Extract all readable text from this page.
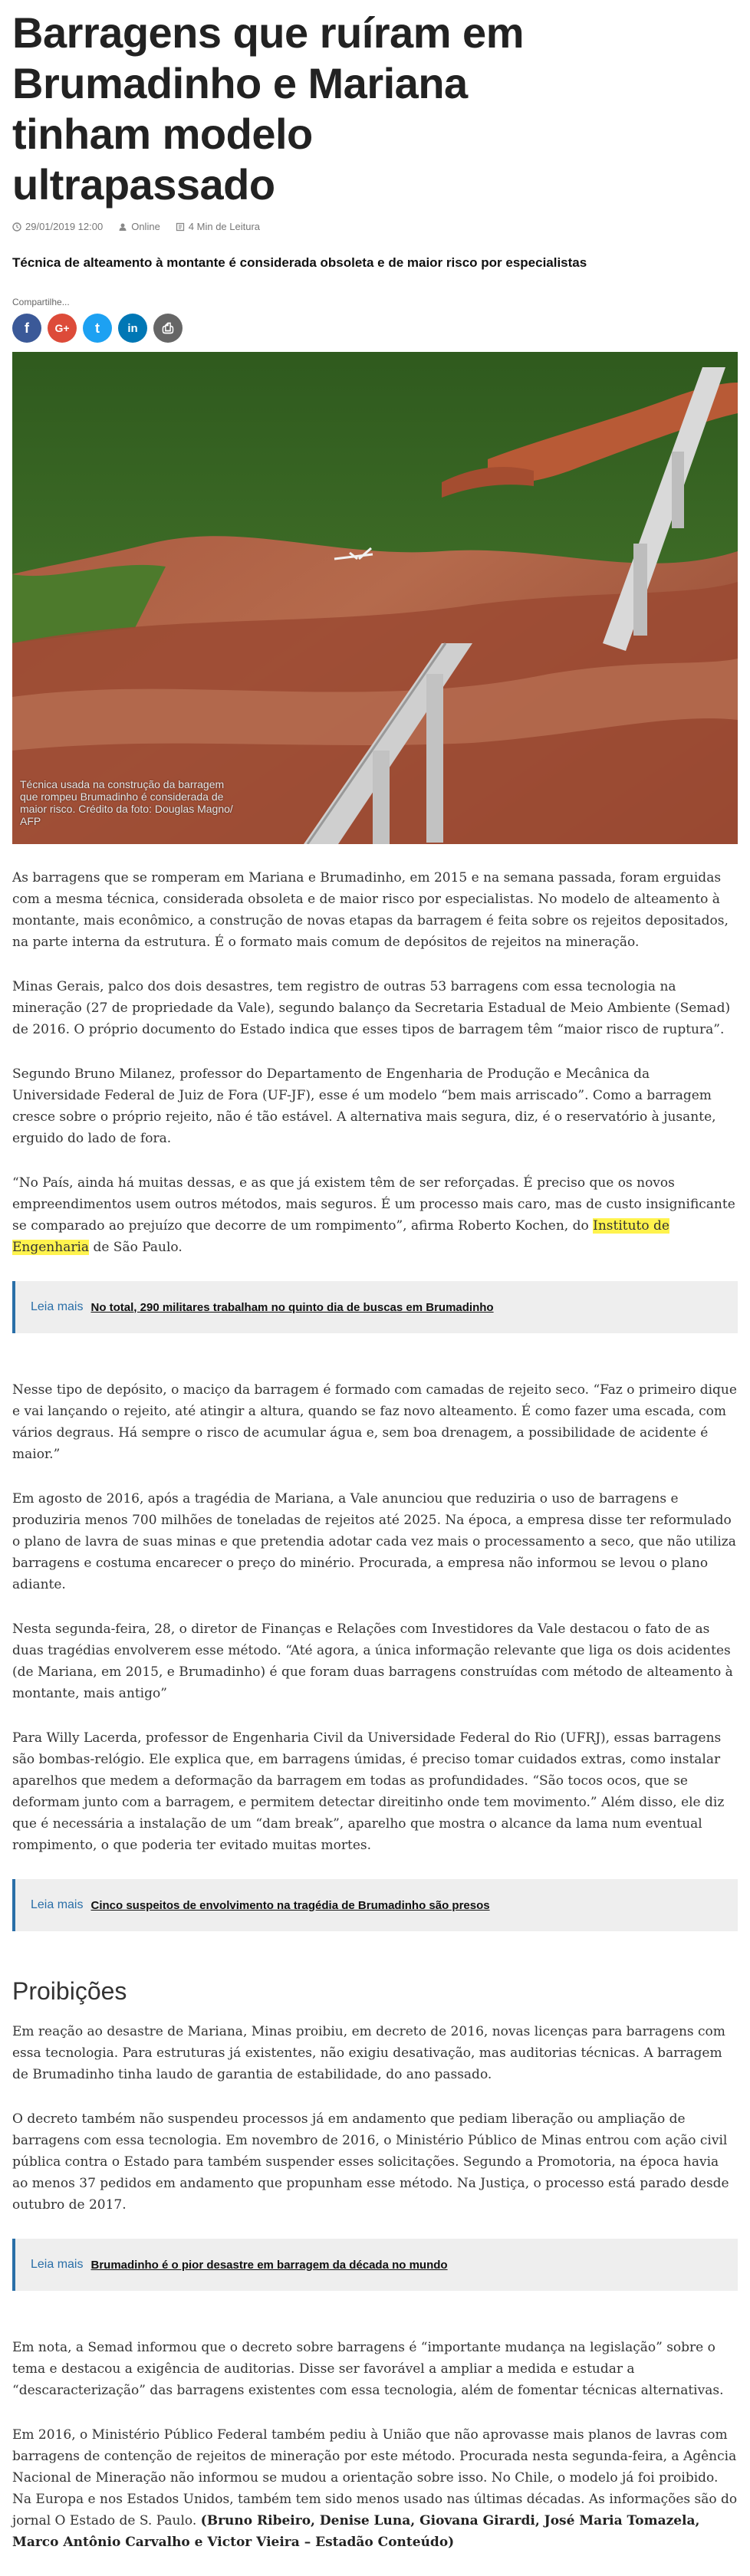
Barragens que ruíram em Brumadinho e Mariana tinham modelo ultrapassado
29/01/2019 12:00	Online	4 Min de Leitura
Técnica de alteamento à montante é considerada obsoleta e de maior risco por especialistas
Compartilhe...
f G+ t in ⎙
Técnica usada na construção da barragem que rompeu Brumadinho é considerada de maior risco. Crédito da foto: Douglas Magno/ AFP

As barragens que se romperam em Mariana e Brumadinho, em 2015 e na semana passada, foram erguidas com a mesma técnica, considerada obsoleta e de maior risco por especialistas. No modelo de alteamento à montante, mais econômico, a construção de novas etapas da barragem é feita sobre os rejeitos depositados, na parte interna da estrutura. É o formato mais comum de depósitos de rejeitos na mineração.

Minas Gerais, palco dos dois desastres, tem registro de outras 53 barragens com essa tecnologia na mineração (27 de propriedade da Vale), segundo balanço da Secretaria Estadual de Meio Ambiente (Semad) de 2016. O próprio documento do Estado indica que esses tipos de barragem têm “maior risco de ruptura”.

Segundo Bruno Milanez, professor do Departamento de Engenharia de Produção e Mecânica da Universidade Federal de Juiz de Fora (UF-JF), esse é um modelo “bem mais arriscado”. Como a barragem cresce sobre o próprio rejeito, não é tão estável. A alternativa mais segura, diz, é o reservatório à jusante, erguido do lado de fora.

“No País, ainda há muitas dessas, e as que já existem têm de ser reforçadas. É preciso que os novos empreendimentos usem outros métodos, mais seguros. É um processo mais caro, mas de custo insignificante se comparado ao prejuízo que decorre de um rompimento”, afirma Roberto Kochen, do Instituto de Engenharia de São Paulo.

Leia mais No total, 290 militares trabalham no quinto dia de buscas em Brumadinho

Nesse tipo de depósito, o maciço da barragem é formado com camadas de rejeito seco. “Faz o primeiro dique e vai lançando o rejeito, até atingir a altura, quando se faz novo alteamento. É como fazer uma escada, com vários degraus. Há sempre o risco de acumular água e, sem boa drenagem, a possibilidade de acidente é maior.”

Em agosto de 2016, após a tragédia de Mariana, a Vale anunciou que reduziria o uso de barragens e produziria menos 700 milhões de toneladas de rejeitos até 2025. Na época, a empresa disse ter reformulado o plano de lavra de suas minas e que pretendia adotar cada vez mais o processamento a seco, que não utiliza barragens e costuma encarecer o preço do minério. Procurada, a empresa não informou se levou o plano adiante.

Nesta segunda-feira, 28, o diretor de Finanças e Relações com Investidores da Vale destacou o fato de as duas tragédias envolverem esse método. “Até agora, a única informação relevante que liga os dois acidentes (de Mariana, em 2015, e Brumadinho) é que foram duas barragens construídas com método de alteamento à montante, mais antigo”

Para Willy Lacerda, professor de Engenharia Civil da Universidade Federal do Rio (UFRJ), essas barragens são bombas-relógio. Ele explica que, em barragens úmidas, é preciso tomar cuidados extras, como instalar aparelhos que medem a deformação da barragem em todas as profundidades. “São tocos ocos, que se deformam junto com a barragem, e permitem detectar direitinho onde tem movimento.” Além disso, ele diz que é necessária a instalação de um “dam break”, aparelho que mostra o alcance da lama num eventual rompimento, o que poderia ter evitado muitas mortes.

Leia mais Cinco suspeitos de envolvimento na tragédia de Brumadinho são presos
Proibições

Em reação ao desastre de Mariana, Minas proibiu, em decreto de 2016, novas licenças para barragens com essa tecnologia. Para estruturas já existentes, não exigiu desativação, mas auditorias técnicas. A barragem de Brumadinho tinha laudo de garantia de estabilidade, do ano passado.

O decreto também não suspendeu processos já em andamento que pediam liberação ou ampliação de barragens com essa tecnologia. Em novembro de 2016, o Ministério Público de Minas entrou com ação civil pública contra o Estado para também suspender esses solicitações. Segundo a Promotoria, na época havia ao menos 37 pedidos em andamento que propunham esse método. Na Justiça, o processo está parado desde outubro de 2017.

Leia mais Brumadinho é o pior desastre em barragem da década no mundo

Em nota, a Semad informou que o decreto sobre barragens é “importante mudança na legislação” sobre o tema e destacou a exigência de auditorias. Disse ser favorável a ampliar a medida e estudar a “descaracterização” das barragens existentes com essa tecnologia, além de fomentar técnicas alternativas.

Em 2016, o Ministério Público Federal também pediu à União que não aprovasse mais planos de lavras com barragens de contenção de rejeitos de mineração por este método. Procurada nesta segunda-feira, a Agência Nacional de Mineração não informou se mudou a orientação sobre isso. No Chile, o modelo já foi proibido. Na Europa e nos Estados Unidos, também tem sido menos usado nas últimas décadas. As informações são do jornal O Estado de S. Paulo. (Bruno Ribeiro, Denise Luna, Giovana Girardi, José Maria Tomazela, Marco Antônio Carvalho e Victor Vieira – Estadão Conteúdo)
